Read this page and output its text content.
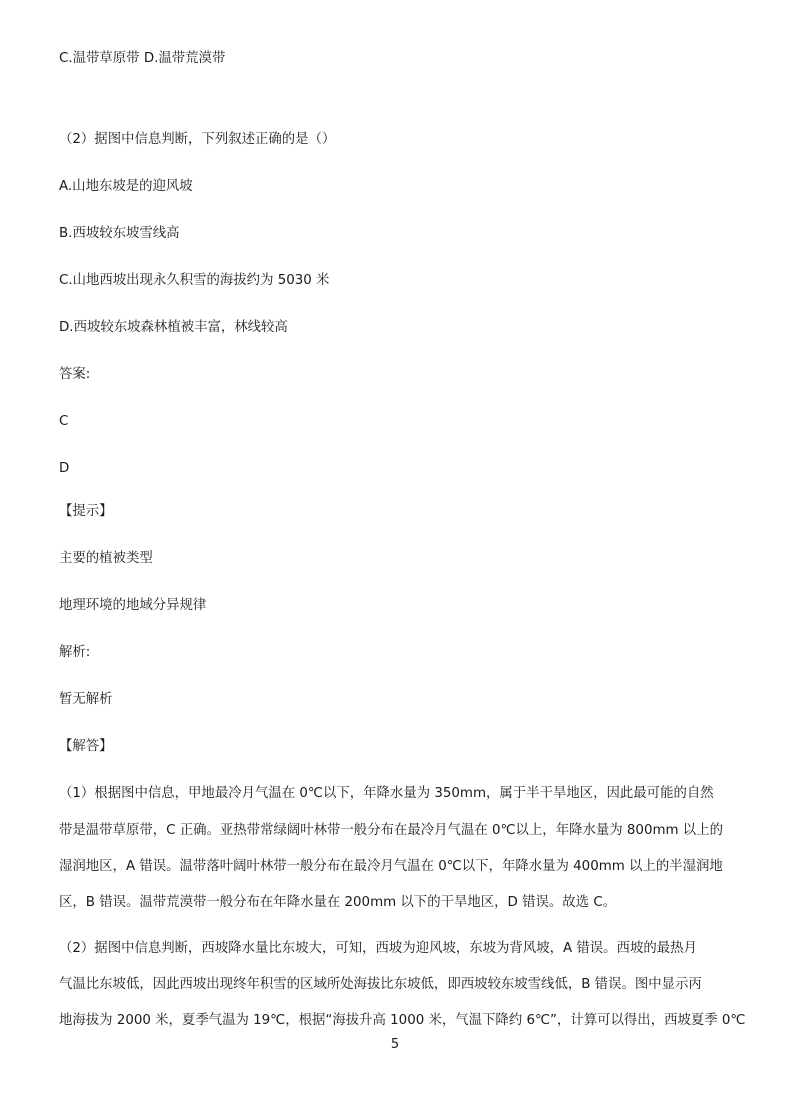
C.温带草原带 D.温带荒漠带
（2）据图中信息判断，下列叙述正确的是（）
A.山地东坡是的迎风坡
B.西坡较东坡雪线高
C.山地西坡出现永久积雪的海拔约为 5030 米
D.西坡较东坡森林植被丰富，林线较高
答案:
C
D
【提示】
主要的植被类型
地理环境的地域分异规律
解析:
暂无解析
【解答】
（1）根据图中信息，甲地最冷月气温在 0℃以下，年降水量为 350mm，属于半干旱地区，因此最可能的自然
带是温带草原带，C 正确。亚热带常绿阔叶林带一般分布在最冷月气温在 0℃以上，年降水量为 800mm 以上的
湿润地区，A 错误。温带落叶阔叶林带一般分布在最冷月气温在 0℃以下，年降水量为 400mm 以上的半湿润地
区，B 错误。温带荒漠带一般分布在年降水量在 200mm 以下的干旱地区，D 错误。故选 C。
（2）据图中信息判断，西坡降水量比东坡大，可知，西坡为迎风坡，东坡为背风坡，A 错误。西坡的最热月
气温比东坡低，因此西坡出现终年积雪的区域所处海拔比东坡低，即西坡较东坡雪线低，B 错误。图中显示丙
地海拔为 2000 米，夏季气温为 19℃，根据“海拔升高 1000 米，气温下降约 6℃”，计算可以得出，西坡夏季 0℃
5
